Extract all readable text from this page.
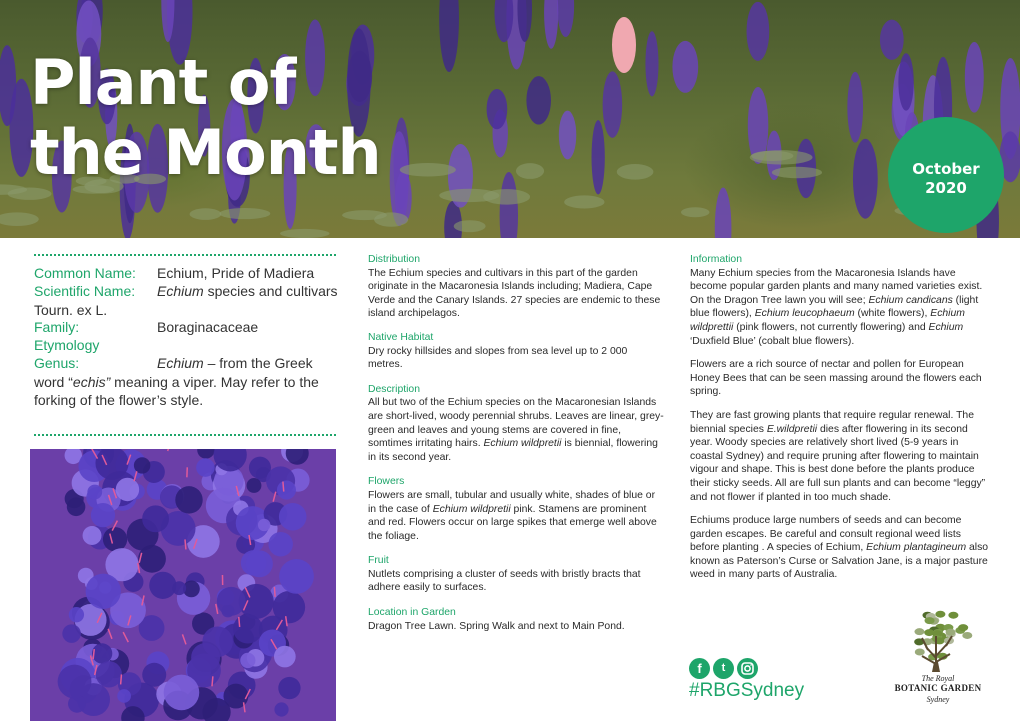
Plant of
the Month	October
2020
Common Name:	Echium, Pride of Madiera
Scientific Name:	Echium species and cultivars Tourn. ex L.
Family:	Boraginacaceae
Etymology
Genus:	Echium – from the Greek word “echis” meaning a viper. May refer to the forking of the flower’s style.
Distribution

The Echium species and cultivars in this part of the garden originate in the Macaronesia Islands including; Madiera, Cape Verde and the Canary Islands. 27 species are endemic to these island archipelagos.

Native Habitat

Dry rocky hillsides and slopes from sea level up to 2 000 metres.

Description

All but two of the Echium species on the Macaronesian Islands are short-lived, woody perennial shrubs. Leaves are linear, grey-green and leaves and young stems are covered in fine, somtimes irritating hairs. Echium wildpretii is biennial, flowering in its second year.

Flowers

Flowers are small, tubular and usually white, shades of blue or in the case of Echium wildpretii pink. Stamens are prominent and red. Flowers occur on large spikes that emerge well above the foliage.

Fruit

Nutlets comprising a cluster of seeds with bristly bracts that adhere easily to surfaces.

Location in Garden

Dragon Tree Lawn. Spring Walk and next to Main Pond.

Information

Many Echium species from the Macaronesia Islands have become popular garden plants and many named varieties exist. On the Dragon Tree lawn you will see; Echium candicans (light blue flowers), Echium leucophaeum (white flowers), Echium wildprettii (pink flowers, not currently flowering) and Echium ‘Duxfield Blue’ (cobalt blue flowers).

Flowers are a rich source of nectar and pollen for European Honey Bees that can be seen massing around the flowers each spring.

They are fast growing plants that require regular renewal. The biennial species E.wildpretii dies after flowering in its second year. Woody species are relatively short lived (5-9 years in coastal Sydney) and require pruning after flowering to maintain vigour and shape. This is best done before the plants produce their sticky seeds. All are full sun plants and can become “leggy” and not flower if planted in too much shade.

Echiums produce large numbers of seeds and can become garden escapes. Be careful and consult regional weed lists before planting . A species of Echium, Echium plantagineum also known as Paterson’s Curse or Salvation Jane, is a major pasture weed in many parts of Australia.

f	t
#RBGSydney
The Royal
BOTANIC GARDEN
Sydney
